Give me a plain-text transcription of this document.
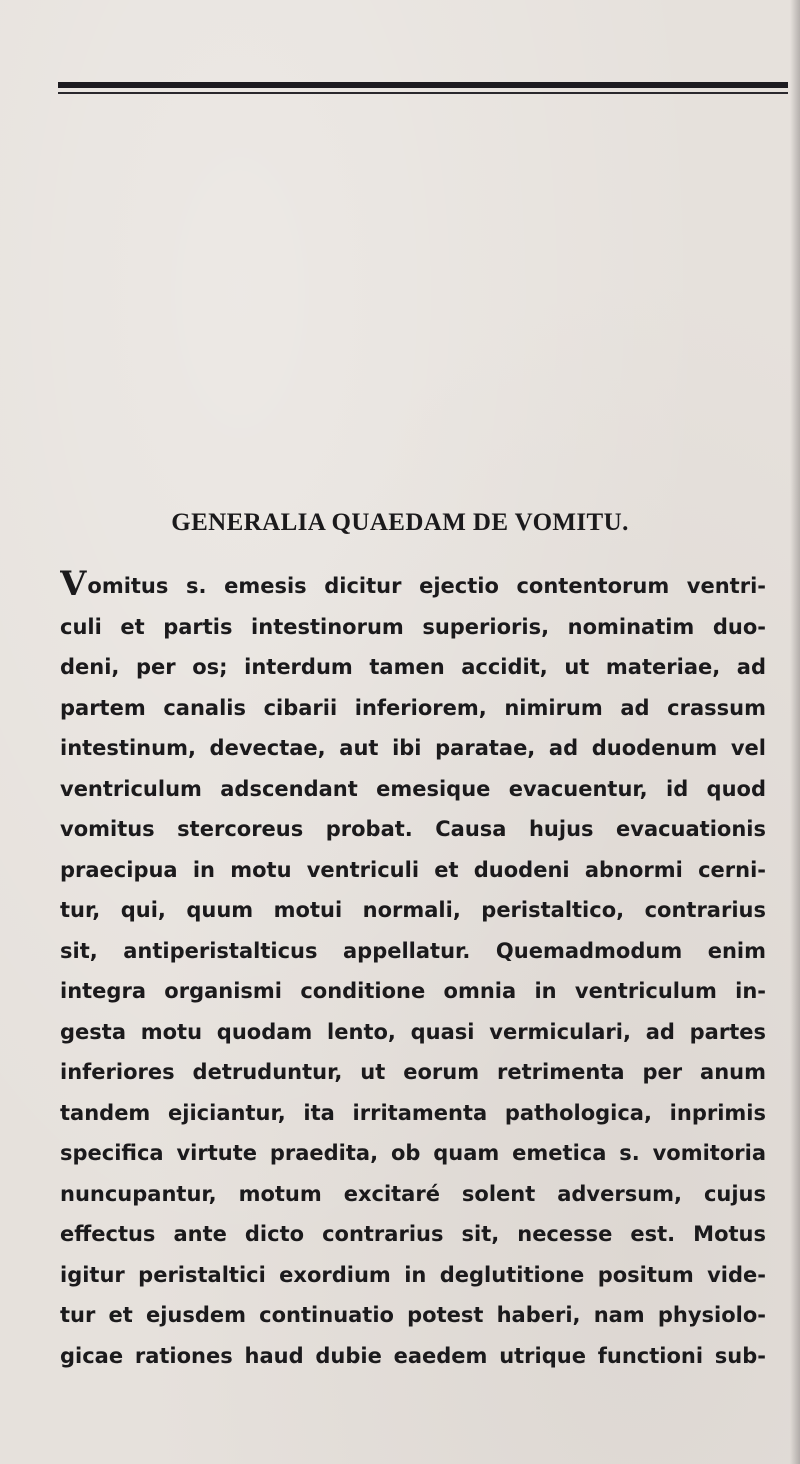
GENERALIA QUAEDAM DE VOMITU.
Vomitus s. emesis dicitur ejectio contentorum ventri-
culi et partis intestinorum superioris, nominatim duo-
deni, per os; interdum tamen accidit, ut materiae, ad
partem canalis cibarii inferiorem, nimirum ad crassum
intestinum, devectae, aut ibi paratae, ad duodenum vel
ventriculum adscendant emesique evacuentur, id quod
vomitus stercoreus probat. Causa hujus evacuationis
praecipua in motu ventriculi et duodeni abnormi cerni-
tur, qui, quum motui normali, peristaltico, contrarius
sit, antiperistalticus appellatur. Quemadmodum enim
integra organismi conditione omnia in ventriculum in-
gesta motu quodam lento, quasi vermiculari, ad partes
inferiores detruduntur, ut eorum retrimenta per anum
tandem ejiciantur, ita irritamenta pathologica, inprimis
specifica virtute praedita, ob quam emetica s. vomitoria
nuncupantur, motum excitaré solent adversum, cujus
effectus ante dicto contrarius sit, necesse est. Motus
igitur peristaltici exordium in deglutitione positum vide-
tur et ejusdem continuatio potest haberi, nam physiolo-
gicae rationes haud dubie eaedem utrique functioni sub-
